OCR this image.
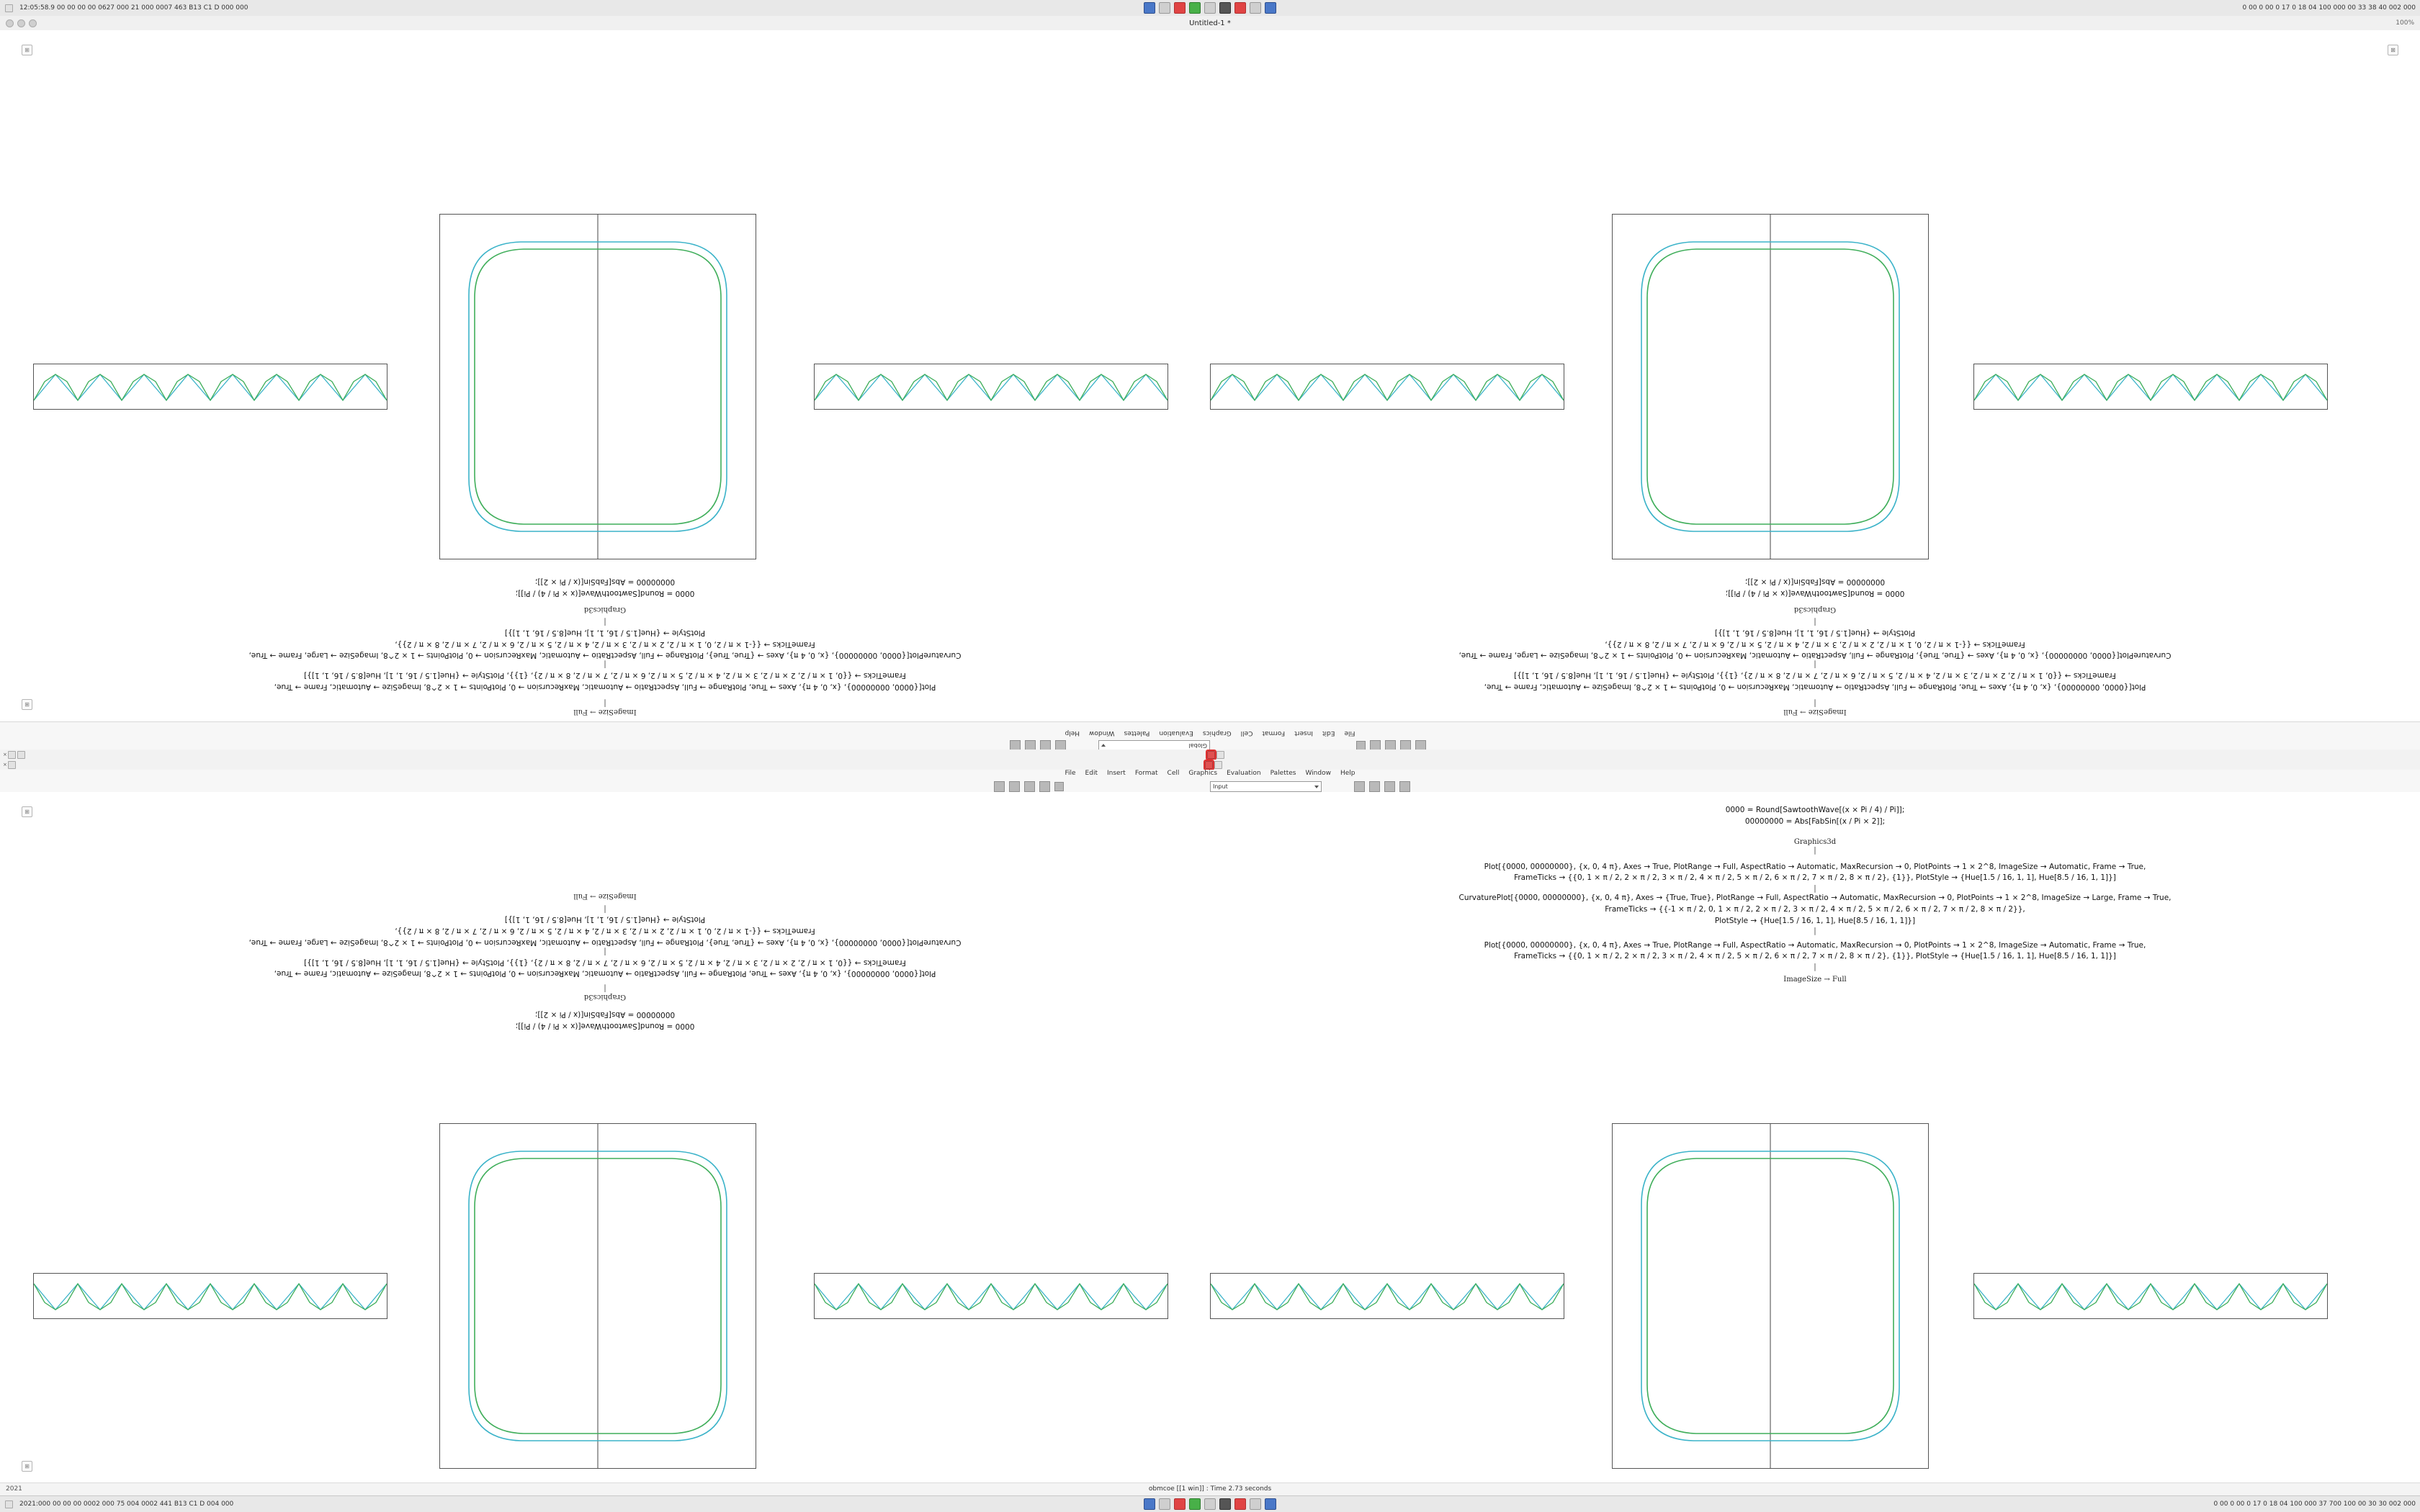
12:05:58.9 00 00 00 00 0627 000 21 000 0007 463 B13 C1 D 000 000	0 00 0 00 0 17 0 18 04 100 000 00 33 38 40 002 000
Untitled-1 *	100%
⊞	⊠
⊞
ImageSize → Full
|
Plot[{0000, 00000000}, {x, 0, 4 π}, Axes → True, PlotRange → Full, AspectRatio → Automatic, MaxRecursion → 0, PlotPoints → 1 × 2^8, ImageSize → Automatic, Frame → True,
FrameTicks → {{0, 1 × π / 2, 2 × π / 2, 3 × π / 2, 4 × π / 2, 5 × π / 2, 6 × π / 2, 7 × π / 2, 8 × π / 2}, {1}}, PlotStyle → {Hue[1.5 / 16, 1, 1], Hue[8.5 / 16, 1, 1]}]
|
CurvaturePlot[{0000, 00000000}, {x, 0, 4 π}, Axes → {True, True}, PlotRange → Full, AspectRatio → Automatic, MaxRecursion → 0, PlotPoints → 1 × 2^8, ImageSize → Large, Frame → True,
FrameTicks → {{-1 × π / 2, 0, 1 × π / 2, 2 × π / 2, 3 × π / 2, 4 × π / 2, 5 × π / 2, 6 × π / 2, 7 × π / 2, 8 × π / 2}},
PlotStyle → {Hue[1.5 / 16, 1, 1], Hue[8.5 / 16, 1, 1]}]
|
Graphics3d
0000 = Round[SawtoothWave[(x × Pi / 4) / Pi]];
00000000 = Abs[FabSin[(x / Pi × 2]];
ImageSize → Full
|
Plot[{0000, 00000000}, {x, 0, 4 π}, Axes → True, PlotRange → Full, AspectRatio → Automatic, MaxRecursion → 0, PlotPoints → 1 × 2^8, ImageSize → Automatic, Frame → True,
FrameTicks → {{0, 1 × π / 2, 2 × π / 2, 3 × π / 2, 4 × π / 2, 5 × π / 2, 6 × π / 2, 7 × π / 2, 8 × π / 2}, {1}}, PlotStyle → {Hue[1.5 / 16, 1, 1], Hue[8.5 / 16, 1, 1]}]
|
CurvaturePlot[{0000, 00000000}, {x, 0, 4 π}, Axes → {True, True}, PlotRange → Full, AspectRatio → Automatic, MaxRecursion → 0, PlotPoints → 1 × 2^8, ImageSize → Large, Frame → True,
FrameTicks → {{-1 × π / 2, 0, 1 × π / 2, 2 × π / 2, 3 × π / 2, 4 × π / 2, 5 × π / 2, 6 × π / 2, 7 × π / 2, 8 × π / 2}},
PlotStyle → {Hue[1.5 / 16, 1, 1], Hue[8.5 / 16, 1, 1]}]
|
Graphics3d
0000 = Round[SawtoothWave[(x × Pi / 4) / Pi]];
00000000 = Abs[FabSin[(x / Pi × 2]];
Global
File
Edit
Insert
Format
Cell
Graphics
Evaluation
Palettes
Window
Help
×
×
File Edit Insert Format Cell Graphics Evaluation Palettes Window Help
Input
⊞
⊞
0000 = Round[SawtoothWave[(x × Pi / 4) / Pi]];
00000000 = Abs[FabSin[(x / Pi × 2]];
Graphics3d
|
Plot[{0000, 00000000}, {x, 0, 4 π}, Axes → True, PlotRange → Full, AspectRatio → Automatic, MaxRecursion → 0, PlotPoints → 1 × 2^8, ImageSize → Automatic, Frame → True,
FrameTicks → {{0, 1 × π / 2, 2 × π / 2, 3 × π / 2, 4 × π / 2, 5 × π / 2, 6 × π / 2, 7 × π / 2, 8 × π / 2}, {1}}, PlotStyle → {Hue[1.5 / 16, 1, 1], Hue[8.5 / 16, 1, 1]}]
|
CurvaturePlot[{0000, 00000000}, {x, 0, 4 π}, Axes → {True, True}, PlotRange → Full, AspectRatio → Automatic, MaxRecursion → 0, PlotPoints → 1 × 2^8, ImageSize → Large, Frame → True,
FrameTicks → {{-1 × π / 2, 0, 1 × π / 2, 2 × π / 2, 3 × π / 2, 4 × π / 2, 5 × π / 2, 6 × π / 2, 7 × π / 2, 8 × π / 2}},
PlotStyle → {Hue[1.5 / 16, 1, 1], Hue[8.5 / 16, 1, 1]}]
|
ImageSize → Full
0000 = Round[SawtoothWave[(x × Pi / 4) / Pi]];
00000000 = Abs[FabSin[(x / Pi × 2]];
Graphics3d
|
Plot[{0000, 00000000}, {x, 0, 4 π}, Axes → True, PlotRange → Full, AspectRatio → Automatic, MaxRecursion → 0, PlotPoints → 1 × 2^8, ImageSize → Automatic, Frame → True,
FrameTicks → {{0, 1 × π / 2, 2 × π / 2, 3 × π / 2, 4 × π / 2, 5 × π / 2, 6 × π / 2, 7 × π / 2, 8 × π / 2}, {1}}, PlotStyle → {Hue[1.5 / 16, 1, 1], Hue[8.5 / 16, 1, 1]}]
|
CurvaturePlot[{0000, 00000000}, {x, 0, 4 π}, Axes → {True, True}, PlotRange → Full, AspectRatio → Automatic, MaxRecursion → 0, PlotPoints → 1 × 2^8, ImageSize → Large, Frame → True,
FrameTicks → {{-1 × π / 2, 0, 1 × π / 2, 2 × π / 2, 3 × π / 2, 4 × π / 2, 5 × π / 2, 6 × π / 2, 7 × π / 2, 8 × π / 2}},
PlotStyle → {Hue[1.5 / 16, 1, 1], Hue[8.5 / 16, 1, 1]}]
|
Plot[{0000, 00000000}, {x, 0, 4 π}, Axes → True, PlotRange → Full, AspectRatio → Automatic, MaxRecursion → 0, PlotPoints → 1 × 2^8, ImageSize → Automatic, Frame → True,
FrameTicks → {{0, 1 × π / 2, 2 × π / 2, 3 × π / 2, 4 × π / 2, 5 × π / 2, 6 × π / 2, 7 × π / 2, 8 × π / 2}, {1}}, PlotStyle → {Hue[1.5 / 16, 1, 1], Hue[8.5 / 16, 1, 1]}]
|
ImageSize → Full
obmcoe [[1 win]] : Time 2.73 seconds
2021
2021:000 00 00 00 0002 000 75 004 0002 441 B13 C1 D 004 000	0 00 0 00 0 17 0 18 04 100 000 37 700 100 00 30 30 002 000
